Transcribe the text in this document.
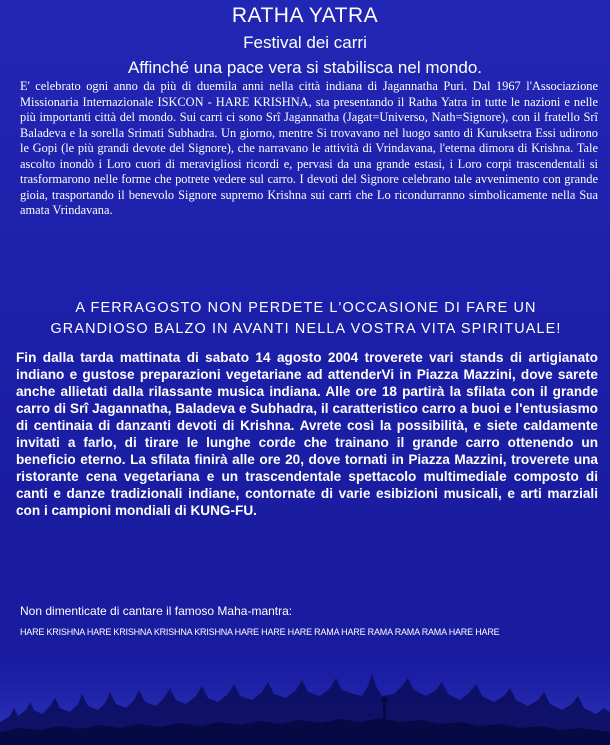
RATHA YATRA
Festival dei carri
Affinché una pace vera si stabilisca nel mondo.
E' celebrato ogni anno da più di duemila anni nella città indiana di Jagannatha Puri. Dal 1967 l'Associazione Missionaria Internazionale ISKCON - HARE KRISHNA, sta presentando il Ratha Yatra in tutte le nazioni e nelle più importanti città del mondo. Sui carri ci sono Srî Jagannatha (Jagat=Universo, Nath=Signore), con il fratello Srî Baladeva e la sorella Srimati Subhadra. Un giorno, mentre Si trovavano nel luogo santo di Kuruksetra Essi udirono le Gopi (le più grandi devote del Signore), che narravano le attività di Vrindavana, l'eterna dimora di Krishna. Tale ascolto inondò i Loro cuori di meravigliosi ricordi e, pervasi da una grande estasi, i Loro corpi trascendentali si trasformarono nelle forme che potrete vedere sul carro. I devoti del Signore celebrano tale avvenimento con grande gioia, trasportando il benevolo Signore supremo Krishna sui carri che Lo ricondurranno simbolicamente nella Sua amata Vrindavana.
A FERRAGOSTO NON PERDETE L'OCCASIONE DI FARE UN
GRANDIOSO BALZO IN AVANTI NELLA VOSTRA VITA SPIRITUALE!
Fin dalla tarda mattinata di sabato 14 agosto 2004 troverete vari stands di artigianato indiano e gustose preparazioni vegetariane ad attenderVi in Piazza Mazzini, dove sarete anche allietati dalla rilassante musica indiana. Alle ore 18 partirà la sfilata con il grande carro di Srî Jagannatha, Baladeva e Subhadra, il caratteristico carro a buoi e l'entusiasmo di centinaia di danzanti devoti di Krishna. Avrete così la possibilità, e siete caldamente invitati a farlo, di tirare le lunghe corde che trainano il grande carro ottenendo un beneficio eterno. La sfilata finirà alle ore 20, dove tornati in Piazza Mazzini, troverete una ristorante cena vegetariana e un trascendentale spettacolo multimediale composto di canti e danze tradizionali indiane, contornate di varie esibizioni musicali, e arti marziali con i campioni mondiali di KUNG-FU.
Non dimenticate di cantare il famoso Maha-mantra:
HARE KRISHNA HARE KRISHNA KRISHNA KRISHNA HARE HARE HARE RAMA HARE RAMA RAMA RAMA HARE HARE
